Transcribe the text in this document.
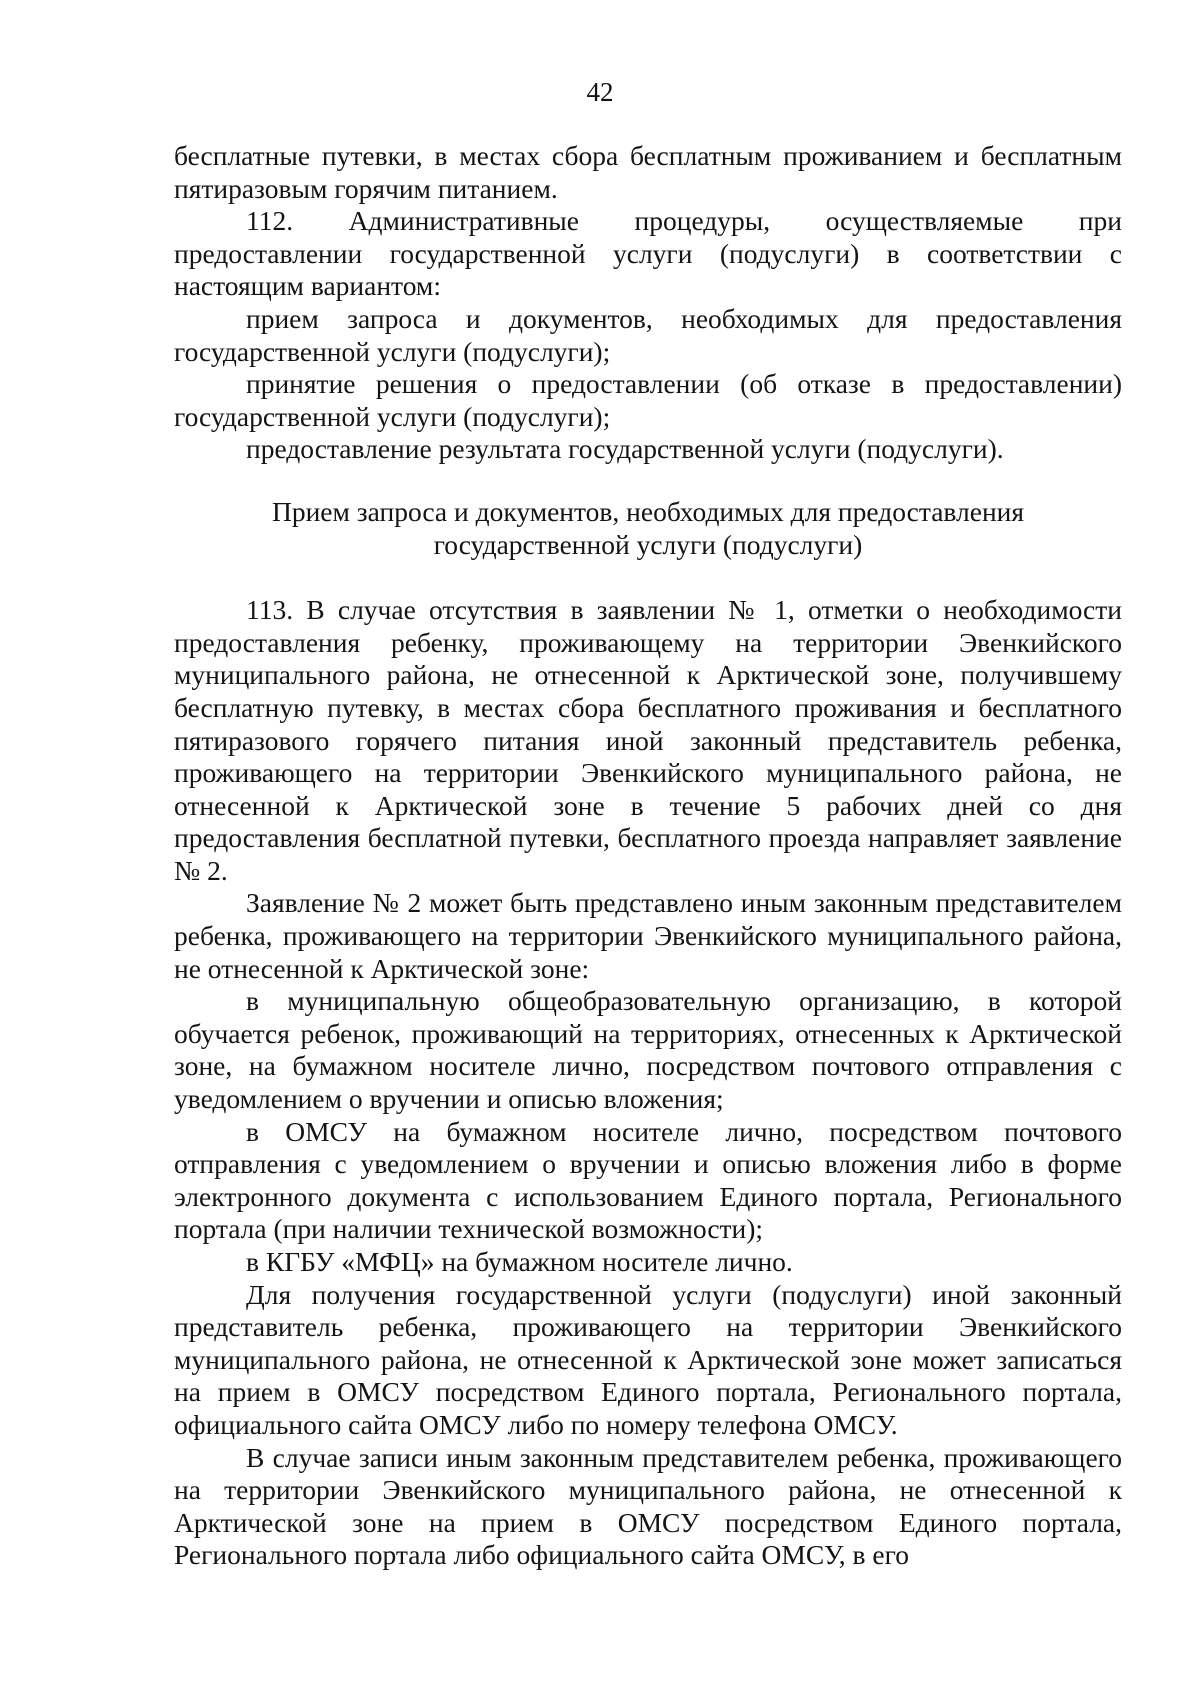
42

бесплатные путевки, в местах сбора бесплатным проживанием и бесплатным пятиразовым горячим питанием.

112. Административные процедуры, осуществляемые при предоставлении государственной услуги (подуслуги) в соответствии с настоящим вариантом:

прием запроса и документов, необходимых для предоставления государственной услуги (подуслуги);

принятие решения о предоставлении (об отказе в предоставлении) государственной услуги (подуслуги);

предоставление результата государственной услуги (подуслуги).

Прием запроса и документов, необходимых для предоставления государственной услуги (подуслуги)

113. В случае отсутствия в заявлении № 1, отметки о необходимости предоставления ребенку, проживающему на территории Эвенкийского муниципального района, не отнесенной к Арктической зоне, получившему бесплатную путевку, в местах сбора бесплатного проживания и бесплатного пятиразового горячего питания иной законный представитель ребенка, проживающего на территории Эвенкийского муниципального района, не отнесенной к Арктической зоне в течение 5 рабочих дней со дня предоставления бесплатной путевки, бесплатного проезда направляет заявление № 2.

Заявление № 2 может быть представлено иным законным представителем ребенка, проживающего на территории Эвенкийского муниципального района, не отнесенной к Арктической зоне:

в муниципальную общеобразовательную организацию, в которой обучается ребенок, проживающий на территориях, отнесенных к Арктической зоне, на бумажном носителе лично, посредством почтового отправления с уведомлением о вручении и описью вложения;

в ОМСУ на бумажном носителе лично, посредством почтового отправления с уведомлением о вручении и описью вложения либо в форме электронного документа с использованием Единого портала, Регионального портала (при наличии технической возможности);

в КГБУ «МФЦ» на бумажном носителе лично.

Для получения государственной услуги (подуслуги) иной законный представитель ребенка, проживающего на территории Эвенкийского муниципального района, не отнесенной к Арктической зоне может записаться на прием в ОМСУ посредством Единого портала, Регионального портала, официального сайта ОМСУ либо по номеру телефона ОМСУ.

В случае записи иным законным представителем ребенка, проживающего на территории Эвенкийского муниципального района, не отнесенной к Арктической зоне на прием в ОМСУ посредством Единого портала, Регионального портала либо официального сайта ОМСУ, в его
